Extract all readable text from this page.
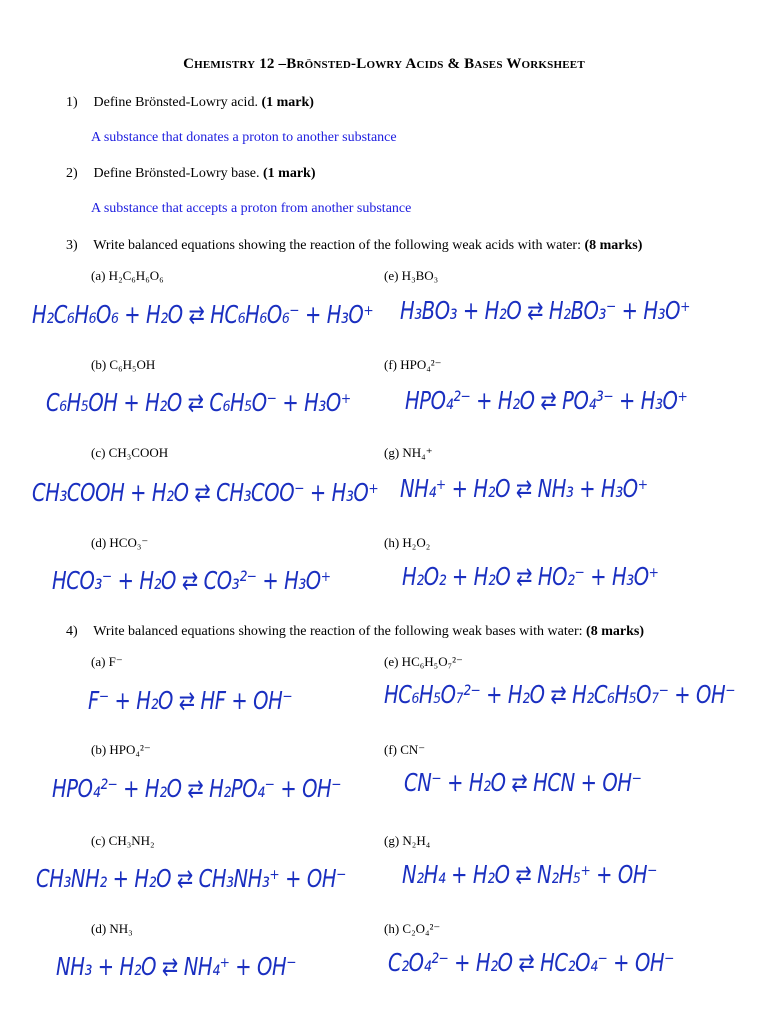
Chemistry 12 –Brönsted-Lowry Acids & Bases Worksheet
1) Define Brönsted-Lowry acid. (1 mark)
A substance that donates a proton to another substance
2) Define Brönsted-Lowry base. (1 mark)
A substance that accepts a proton from another substance
3) Write balanced equations showing the reaction of the following weak acids with water: (8 marks)
(a) H₂C₆H₆O₆
H₂C₆H₆O₆ + H₂O ⇄ HC₆H₆O₆⁻ + H₃O⁺
(b) C₆H₅OH
C₆H₅OH + H₂O ⇄ C₆H₅O⁻ + H₃O⁺
(c) CH₃COOH
CH₃COOH + H₂O ⇄ CH₃COO⁻ + H₃O⁺
(d) HCO₃⁻
HCO₃⁻ + H₂O ⇄ CO₃²⁻ + H₃O⁺
(e) H₃BO₃
H₃BO₃ + H₂O ⇄ H₂BO₃⁻ + H₃O⁺
(f) HPO₄²⁻
HPO₄²⁻ + H₂O ⇄ PO₄³⁻ + H₃O⁺
(g) NH₄⁺
NH₄⁺ + H₂O ⇄ NH₃ + H₃O⁺
(h) H₂O₂
H₂O₂ + H₂O ⇄ HO₂⁻ + H₃O⁺
4) Write balanced equations showing the reaction of the following weak bases with water: (8 marks)
(a) F⁻
F⁻ + H₂O ⇄ HF + OH⁻
(b) HPO₄²⁻
HPO₄²⁻ + H₂O ⇄ H₂PO₄⁻ + OH⁻
(c) CH₃NH₂
CH₃NH₂ + H₂O ⇄ CH₃NH₃⁺ + OH⁻
(d) NH₃
NH₃ + H₂O ⇄ NH₄⁺ + OH⁻
(e) HC₆H₅O₇²⁻
HC₆H₅O₇²⁻ + H₂O ⇄ H₂C₆H₅O₇⁻ + OH⁻
(f) CN⁻
CN⁻ + H₂O ⇄ HCN + OH⁻
(g) N₂H₄
N₂H₄ + H₂O ⇄ N₂H₅⁺ + OH⁻
(h) C₂O₄²⁻
C₂O₄²⁻ + H₂O ⇄ HC₂O₄⁻ + OH⁻
